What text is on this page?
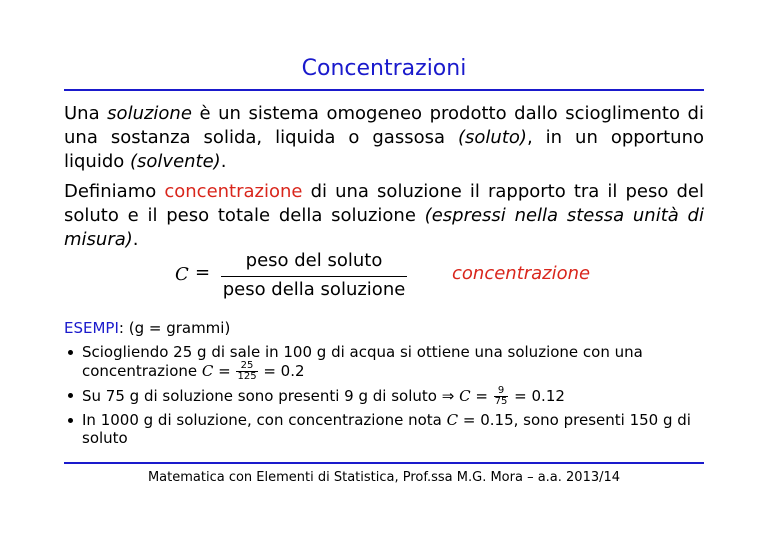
Concentrazioni
Una soluzione è un sistema omogeneo prodotto dallo scioglimento di una sostanza solida, liquida o gassosa (soluto), in un opportuno liquido (solvente).
Definiamo concentrazione di una soluzione il rapporto tra il peso del soluto e il peso totale della soluzione (espressi nella stessa unità di misura).
C =
peso del soluto
peso della soluzione
concentrazione
ESEMPI: (g = grammi)
Sciogliendo 25 g di sale in 100 g di acqua si ottiene una soluzione con una concentrazione $C = \frac{25}{125} = 0.2$
Su 75 g di soluzione sono presenti 9 g di soluto ⇒ $C = \frac{9}{75} = 0.12$
In 1000 g di soluzione, con concentrazione nota C = 0.15, sono presenti 150 g di soluto
Matematica con Elementi di Statistica, Prof.ssa M.G. Mora – a.a. 2013/14
